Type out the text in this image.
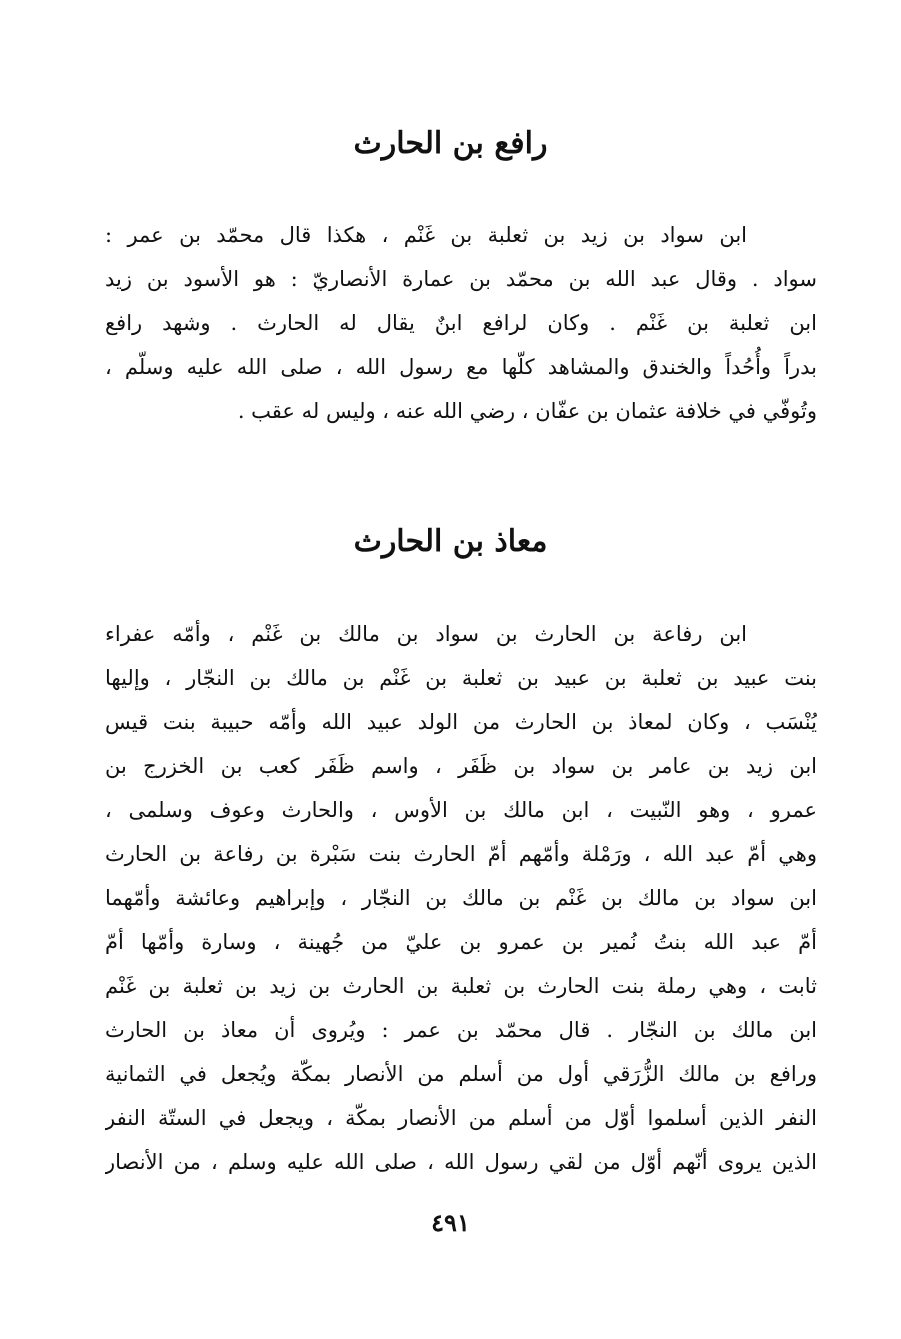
رافع بن الحارث

ابن سواد بن زيد بن ثعلبة بن غَنْم ، هكذا قال محمّد بن عمر :
سواد . وقال عبد الله بن محمّد بن عمارة الأنصاريّ : هو الأسود بن زيد
ابن ثعلبة بن غَنْم . وكان لرافع ابنٌ يقال له الحارث . وشهد رافع
بدراً وأُحُداً والخندق والمشاهد كلّها مع رسول الله ، صلى الله عليه وسلّم ،
وتُوفّي في خلافة عثمان بن عفّان ، رضي الله عنه ، وليس له عقب .

معاذ بن الحارث

ابن رفاعة بن الحارث بن سواد بن مالك بن غَنْم ، وأمّه عفراء
بنت عبيد بن ثعلبة بن عبيد بن ثعلبة بن غَنْم بن مالك بن النجّار ، وإليها
يُنْسَب ، وكان لمعاذ بن الحارث من الولد عبيد الله وأمّه حبيبة بنت قيس
ابن زيد بن عامر بن سواد بن ظَفَر ، واسم ظَفَر كعب بن الخزرج بن
عمرو ، وهو النّبيت ، ابن مالك بن الأوس ، والحارث وعوف وسلمى ،
وهي أمّ عبد الله ، ورَمْلة وأمّهم أمّ الحارث بنت سَبْرة بن رفاعة بن الحارث
ابن سواد بن مالك بن غَنْم بن مالك بن النجّار ، وإبراهيم وعائشة وأمّهما
أمّ عبد الله بنتُ نُمير بن عمرو بن عليّ من جُهينة ، وسارة وأمّها أمّ
ثابت ، وهي رملة بنت الحارث بن ثعلبة بن الحارث بن زيد بن ثعلبة بن غَنْم
ابن مالك بن النجّار . قال محمّد بن عمر : ويُروى أن معاذ بن الحارث
ورافع بن مالك الزُّرَقي أول من أسلم من الأنصار بمكّة ويُجعل في الثمانية
النفر الذين أسلموا أوّل من أسلم من الأنصار بمكّة ، ويجعل في الستّة النفر
الذين يروى أنّهم أوّل من لقي رسول الله ، صلى الله عليه وسلم ، من الأنصار

٤٩١
